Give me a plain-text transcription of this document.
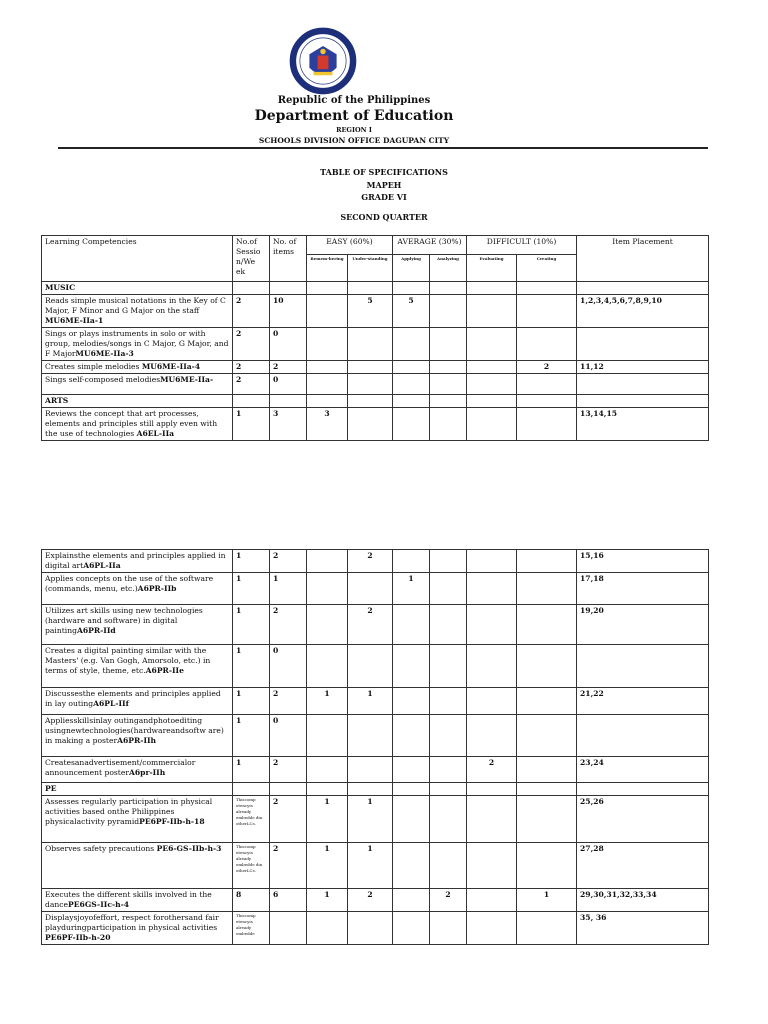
Republic of the Philippines
Department of Education
REGION I
SCHOOLS DIVISION OFFICE DAGUPAN CITY
TABLE OF SPECIFICATIONS
MAPEH
GRADE VI
SECOND QUARTER
Learning Competencies	No.of Sessio n/We ek	No. of items	EASY (60%)		AVERAGE (30%)		DIFFICULT (10%)		Item Placement
			Remem-bering	Under-standing	Applying	Analyzing	Evaluating	Creating	
MUSIC									
Reads simple musical notations in the Key of C Major, F Minor and G Major on the staff MU6ME-IIa-1	2	10		5	5				1,2,3,4,5,6,7,8,9,10
Sings or plays instruments in solo or with group, melodies/songs in C Major, G Major, and F MajorMU6ME-IIa-3	2	0							
Creates simple melodies MU6ME-IIa-4	2	2						2	11,12
Sings self-composed melodiesMU6ME-IIa-	2	0							
ARTS									
Reviews the concept that art processes, elements and principles still apply even with the use of technologies A6EL-IIa	1	3	3						13,14,15
Explainsthe elements and principles applied in digital artA6PL-IIa	1	2		2					15,16
Applies concepts on the use of the software (commands, menu, etc.)A6PR-IIb	1	1			1				17,18
Utilizes art skills using new technologies (hardware and software) in digital paintingA6PR-IId	1	2		2					19,20
Creates a digital painting similar with the Masters' (e.g. Van Gogh, Amorsolo, etc.) in terms of style, theme, etc.A6PR-IIe	1	0							
Discussesthe elements and principles applied in lay outingA6PL-IIf	1	2	1	1					21,22
Appliesskillsinlay outingandphotoediting usingnewtechnologies(hardwareandsoftw are) in making a posterA6PR-IIh	1	0							
Createsanadvertisement/commercialor announcement posterA6pr-IIh	1	2					2		23,24
PE									
Assesses regularly participation in physical activities based onthe Philippines physicalactivity pyramidPE6PF-IIb-h-18	Thiscomp etencyis already embedde din otherLCs.	2	1	1					25,26
Observes safety precautions PE6-GS-IIb-h-3	Thiscomp etencyis already embedde din otherLCs.	2	1	1					27,28
Executes the different skills involved in the dancePE6GS-IIc-h-4	8	6	1	2		2		1	29,30,31,32,33,34
Displaysjoyofeffort, respect forothersand fair playduringparticipation in physical activities PE6PF-IIb-h-20	Thiscomp etencyis already embedde								35, 36
